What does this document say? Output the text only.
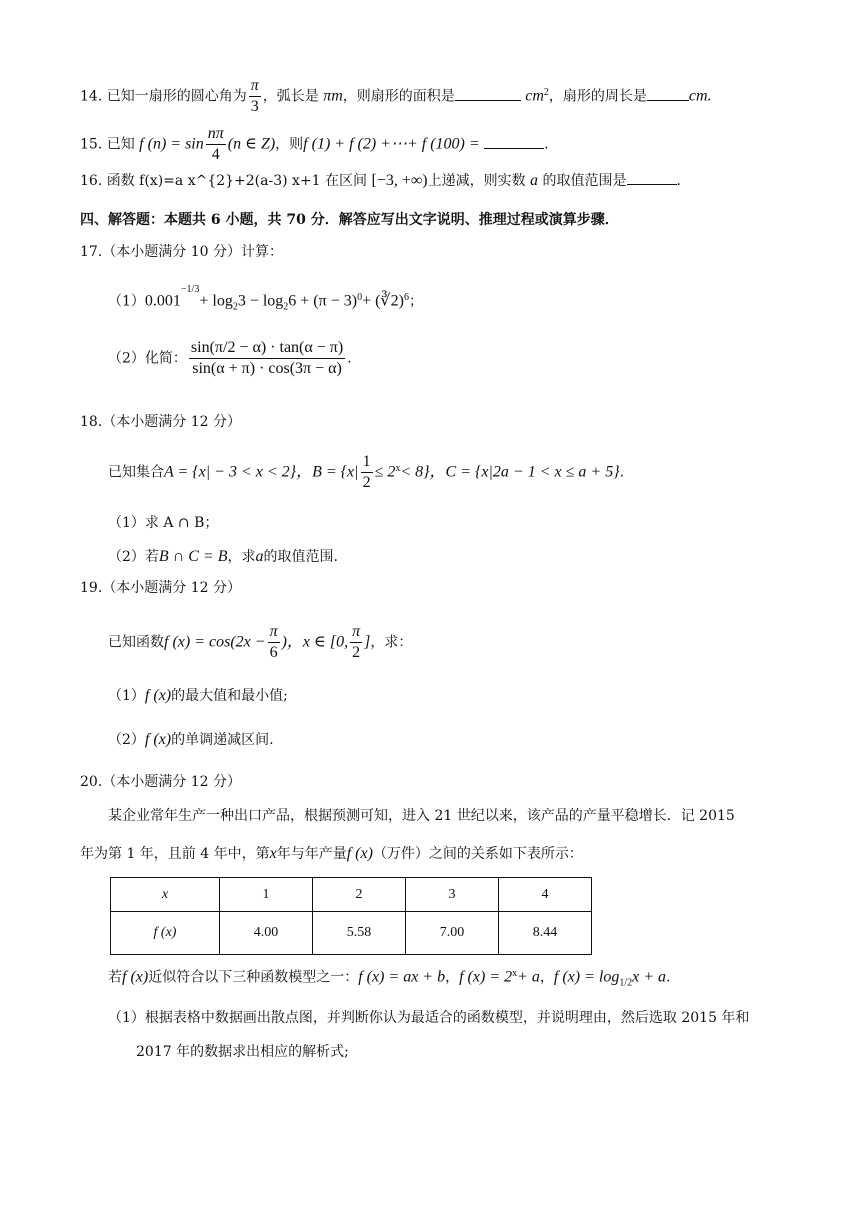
14. 已知一扇形的圆心角为 $\frac{\pi}{3}$ ，弧长是 πm，则扇形的面积是	$cm^2$，扇形的周长是	cm.
15. 已知 f $(n) = \sin \frac{n\pi}{4} (n$ ∈ Z)，则f (1) + f (2) +⋯+ f (100) =	.
16. 函数 f(x)=a x^{2}+2(a-3) x+1 在区间 [−3, +∞)上递减，则实数 a 的取值范围是	.
四、解答题：本题共 6 小题，共 70 分．解答应写出文字说明、推理过程或演算步骤．
17.（本小题满分 10 分）计算：
$(1)0.001^{-1/3}+ \log_23 - \log_26 + (\pi - 3)^0+$ (∛2)$^6$；
（2）化简： $\frac{\sin(\pi/2 - \alpha) \cdot \tan(\alpha - \pi)}{\sin(\alpha + \pi) \cdot \cos(3\pi - \alpha)}$ .
18.（本小题满分 12 分）
已知集合A = {x| − 3 < x < 2}，$B = \{x| \frac{1}{2} \le 2^x< 8\}$，C = {x|2a − 1 < x ≤ a + 5}.
（1）求 A ∩ B；
（2）若B ∩ C = B，求a的取值范围.
19.（本小题满分 12 分）
已知函数f $(x) = \cos(2x - \frac{\pi}{6}$ )，x ∈ [0, $\frac{\pi}{2}$ ]，求：
（1）f (x)的最大值和最小值;
（2）f (x)的单调递减区间.
20.（本小题满分 12 分）
某企业常年生产一种出口产品，根据预测可知，进入 21 世纪以来，该产品的产量平稳增长．记 2015
年为第 1 年，且前 4 年中，第x年与年产量f (x)（万件）之间的关系如下表所示：
x	1	2	3	4
f (x)	4.00	5.58	7.00	8.44
若f (x)近似符合以下三种函数模型之一：f (x) = ax + b，f $(x) = 2^x+ a$，f $(x) = \log_{1/2}x + a$.
（1）根据表格中数据画出散点图，并判断你认为最适合的函数模型，并说明理由，然后选取 2015 年和
2017 年的数据求出相应的解析式;
